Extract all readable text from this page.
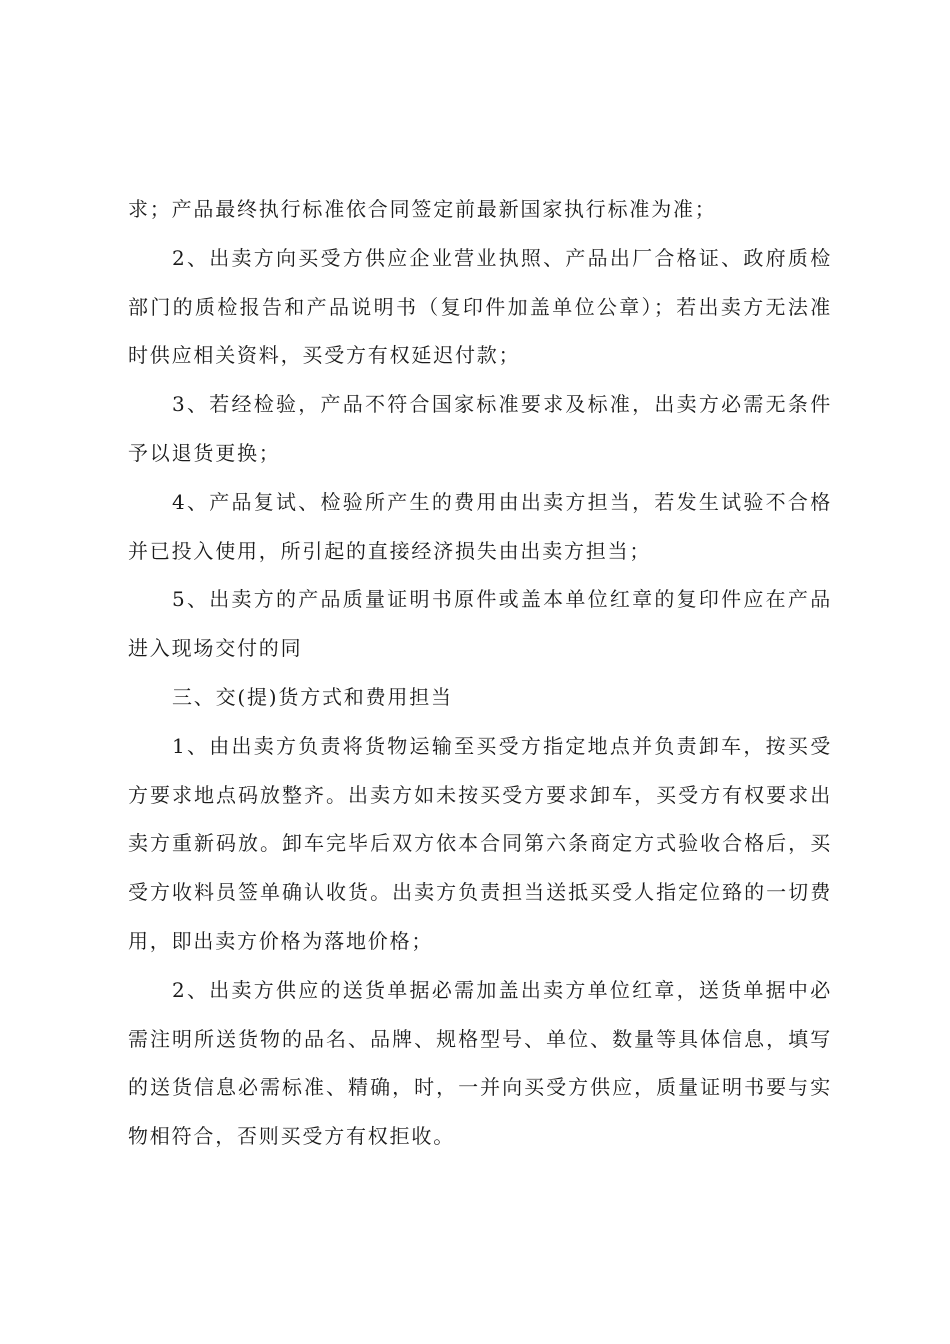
求；产品最终执行标准依合同签定前最新国家执行标准为准；

2、出卖方向买受方供应企业营业执照、产品出厂合格证、政府质检部门的质检报告和产品说明书（复印件加盖单位公章）；若出卖方无法准时供应相关资料，买受方有权延迟付款；

3、若经检验，产品不符合国家标准要求及标准，出卖方必需无条件予以退货更换；

4、产品复试、检验所产生的费用由出卖方担当，若发生试验不合格并已投入使用，所引起的直接经济损失由出卖方担当；

5、出卖方的产品质量证明书原件或盖本单位红章的复印件应在产品进入现场交付的同

三、交(提)货方式和费用担当

1、由出卖方负责将货物运输至买受方指定地点并负责卸车，按买受方要求地点码放整齐。出卖方如未按买受方要求卸车，买受方有权要求出卖方重新码放。卸车完毕后双方依本合同第六条商定方式验收合格后，买受方收料员签单确认收货。出卖方负责担当送抵买受人指定位臵的一切费用，即出卖方价格为落地价格；

2、出卖方供应的送货单据必需加盖出卖方单位红章，送货单据中必需注明所送货物的品名、品牌、规格型号、单位、数量等具体信息，填写的送货信息必需标准、精确，时，一并向买受方供应，质量证明书要与实物相符合，否则买受方有权拒收。
